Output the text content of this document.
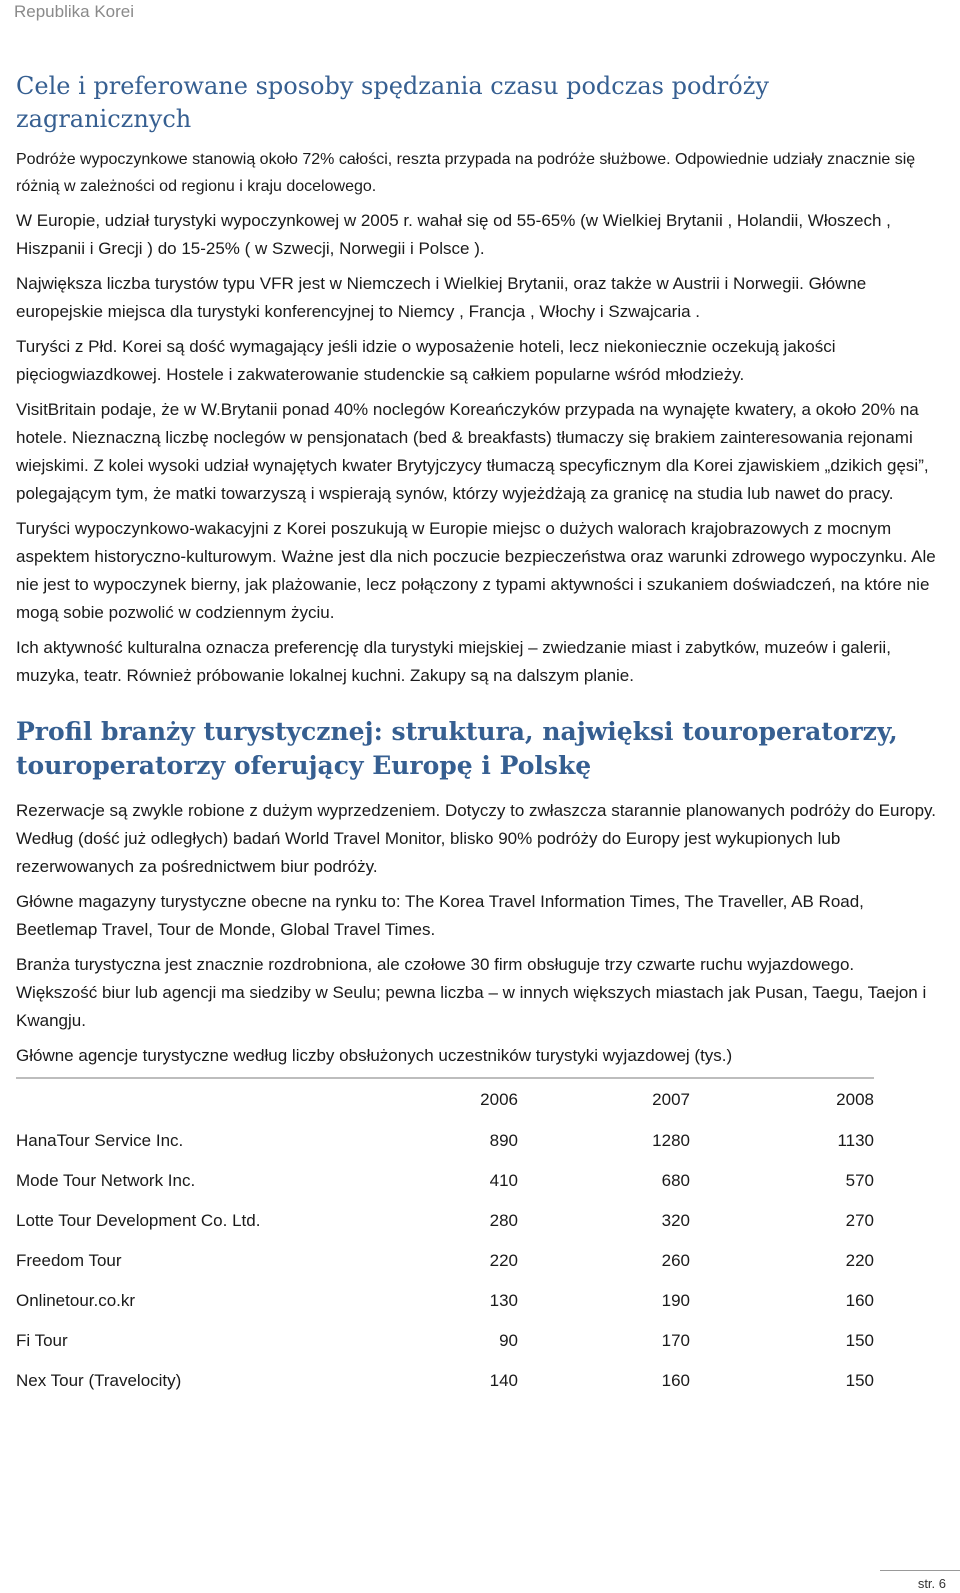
Republika Korei
Cele i preferowane sposoby spędzania czasu podczas podróży zagranicznych

Podróże wypoczynkowe stanowią około 72% całości, reszta przypada na podróże służbowe. Odpowiednie udziały znacznie się różnią w zależności od regionu i kraju docelowego.

W Europie, udział turystyki wypoczynkowej w 2005 r. wahał się od 55-65% (w Wielkiej Brytanii , Holandii, Włoszech , Hiszpanii i Grecji ) do 15-25% ( w Szwecji, Norwegii i Polsce ).

Największa liczba turystów typu VFR jest w Niemczech i Wielkiej Brytanii, oraz także w Austrii i Norwegii. Główne europejskie miejsca dla turystyki konferencyjnej to Niemcy , Francja , Włochy i Szwajcaria .

Turyści z Płd. Korei są dość wymagający jeśli idzie o wyposażenie hoteli, lecz niekoniecznie oczekują jakości pięciogwiazdkowej. Hostele i zakwaterowanie studenckie są całkiem popularne wśród młodzieży.

VisitBritain podaje, że w W.Brytanii ponad 40% noclegów Koreańczyków przypada na wynajęte kwatery, a około 20% na hotele. Nieznaczną liczbę noclegów w pensjonatach (bed & breakfasts) tłumaczy się brakiem zainteresowania rejonami wiejskimi. Z kolei wysoki udział wynajętych kwater Brytyjczycy tłumaczą specyficznym dla Korei zjawiskiem „dzikich gęsi”, polegającym tym, że matki towarzyszą i wspierają synów, którzy wyjeżdżają za granicę na studia lub nawet do pracy.

Turyści wypoczynkowo-wakacyjni z Korei poszukują w Europie miejsc o dużych walorach krajobrazowych z mocnym aspektem historyczno-kulturowym. Ważne jest dla nich poczucie bezpieczeństwa oraz warunki zdrowego wypoczynku. Ale nie jest to wypoczynek bierny, jak plażowanie, lecz połączony z typami aktywności i szukaniem doświadczeń, na które nie mogą sobie pozwolić w codziennym życiu.

Ich aktywność kulturalna oznacza preferencję dla turystyki miejskiej – zwiedzanie miast i zabytków, muzeów i galerii, muzyka, teatr. Również próbowanie lokalnej kuchni. Zakupy są na dalszym planie.

Profil branży turystycznej: struktura, najwięksi touroperatorzy, touroperatorzy oferujący Europę i Polskę

Rezerwacje są zwykle robione z dużym wyprzedzeniem. Dotyczy to zwłaszcza starannie planowanych podróży do Europy. Według (dość już odległych) badań World Travel Monitor, blisko 90% podróży do Europy jest wykupionych lub rezerwowanych za pośrednictwem biur podróży.

Główne magazyny turystyczne obecne na rynku to: The Korea Travel Information Times, The Traveller, AB Road, Beetlemap Travel, Tour de Monde, Global Travel Times.

Branża turystyczna jest znacznie rozdrobniona, ale czołowe 30 firm obsługuje trzy czwarte ruchu wyjazdowego. Większość biur lub agencji ma siedziby w Seulu; pewna liczba – w innych większych miastach jak Pusan, Taegu, Taejon i Kwangju.

Główne agencje turystyczne według liczby obsłużonych uczestników turystyki wyjazdowej (tys.)

	2006	2007	2008
HanaTour Service Inc.	890	1280	1130
Mode Tour Network Inc.	410	680	570
Lotte Tour Development Co. Ltd.	280	320	270
Freedom Tour	220	260	220
Onlinetour.co.kr	130	190	160
Fi Tour	90	170	150
Nex Tour (Travelocity)	140	160	150
str. 6
